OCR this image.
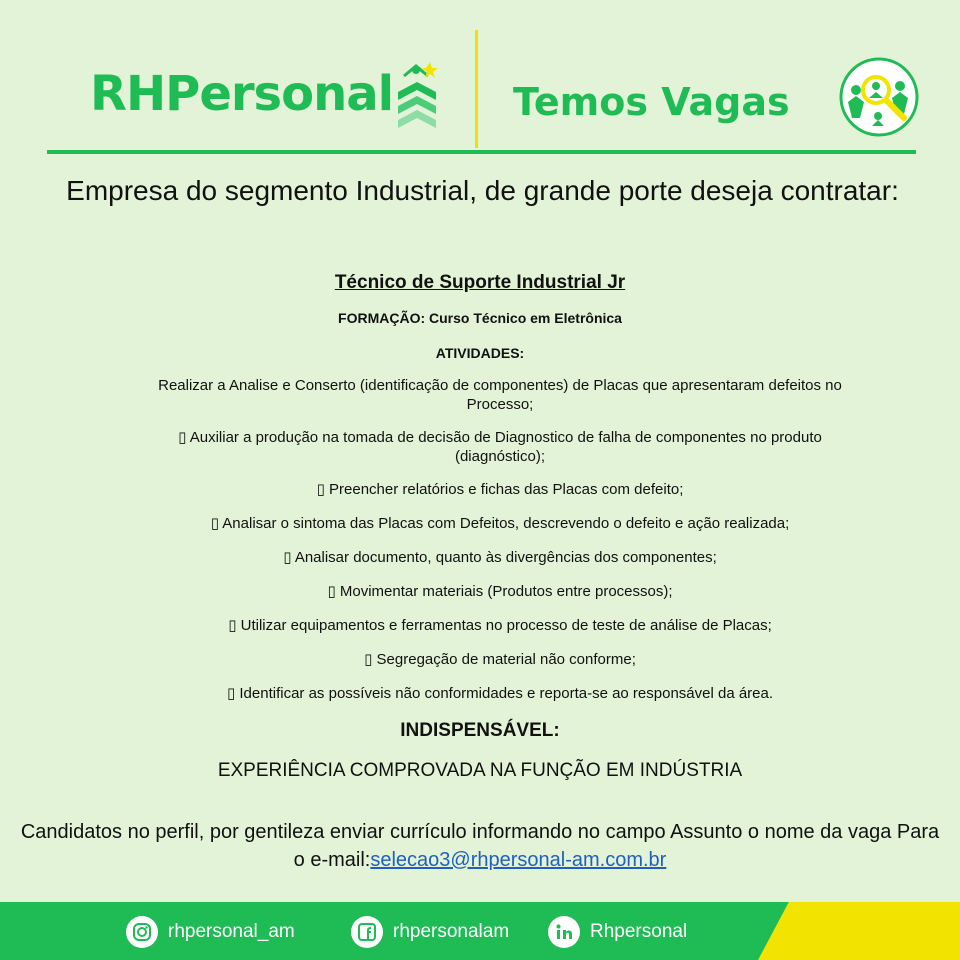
RHPersonal	Temos Vagas
Empresa do segmento Industrial, de grande porte deseja contratar:
Técnico de Suporte Industrial Jr
FORMAÇÃO: Curso Técnico em Eletrônica
ATIVIDADES:

Realizar a Analise e Conserto (identificação de componentes) de Placas que apresentaram defeitos no Processo;

▯ Auxiliar a produção na tomada de decisão de Diagnostico de falha de componentes no produto (diagnóstico);

▯ Preencher relatórios e fichas das Placas com defeito;

▯ Analisar o sintoma das Placas com Defeitos, descrevendo o defeito e ação realizada;

▯ Analisar documento, quanto às divergências dos componentes;

▯ Movimentar materiais (Produtos entre processos);

▯ Utilizar equipamentos e ferramentas no processo de teste de análise de Placas;

▯ Segregação de material não conforme;

▯ Identificar as possíveis não conformidades e reporta-se ao responsável da área.

INDISPENSÁVEL:
EXPERIÊNCIA COMPROVADA NA FUNÇÃO EM INDÚSTRIA
Candidatos no perfil, por gentileza enviar currículo informando no campo Assunto o nome da vaga Para o e-mail:selecao3@rhpersonal-am.com.br
rhpersonal_am	rhpersonalam	Rhpersonal
